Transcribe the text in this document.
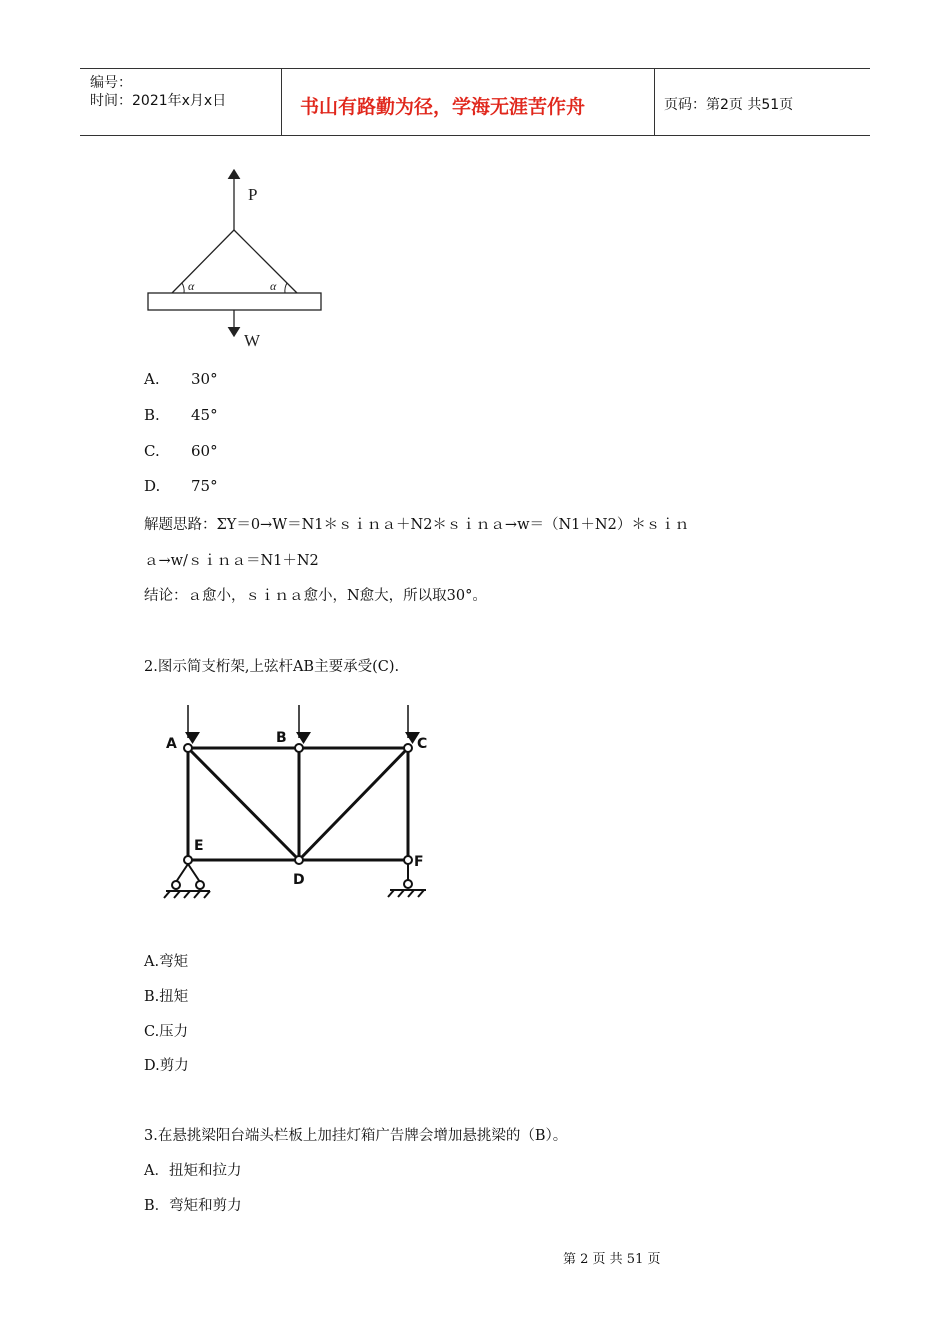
编号：
时间：2021年x月x日	书山有路勤为径，学海无涯苦作舟	页码：第2页 共51页
P
α	α
W
A. 30°
B. 45°
C. 60°
D. 75°
解题思路：ΣY＝0→W＝N1＊ｓｉｎａ＋N2＊ｓｉｎａ→w＝（N1＋N2）＊ｓｉｎ
ａ→w/ｓｉｎａ＝N1＋N2
结论：ａ愈小，ｓｉｎａ愈小，N愈大，所以取30°。
2.图示简支桁架,上弦杆AB主要承受(C).
A	B	C
D
E
F
A.弯矩
B.扭矩
C.压力
D.剪力
3.在悬挑梁阳台端头栏板上加挂灯箱广告牌会增加悬挑梁的（B）。
A．扭矩和拉力
B．弯矩和剪力
第 2 页 共 51 页
